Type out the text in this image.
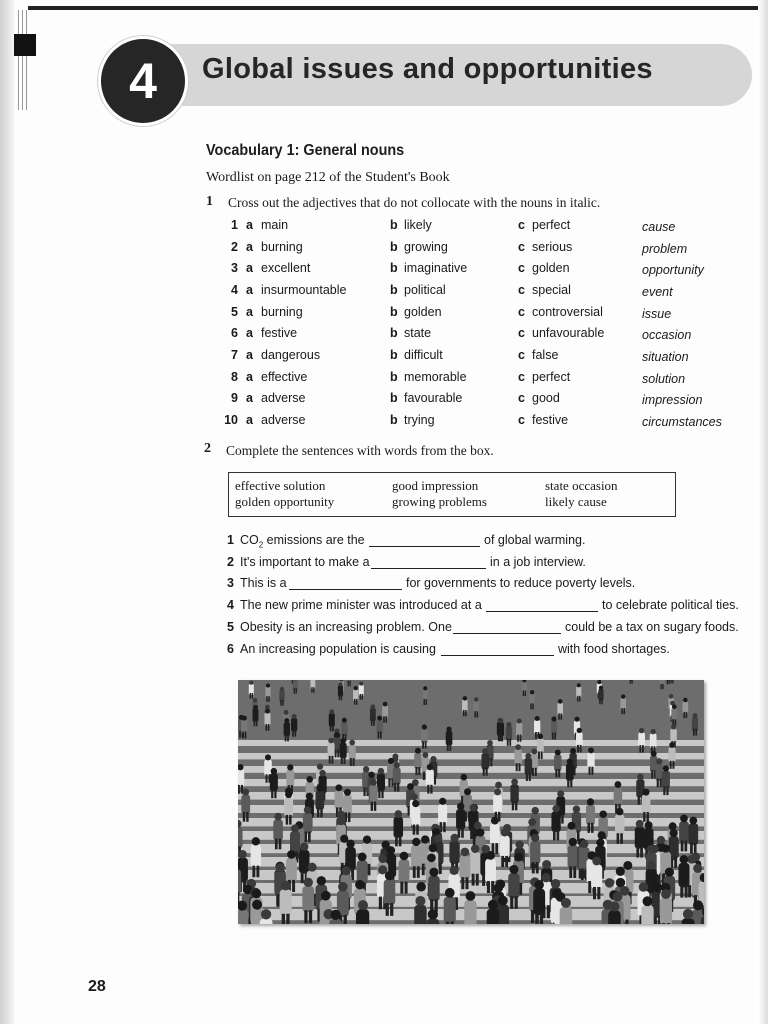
Global issues and opportunities
4
Vocabulary 1: General nouns
Wordlist on page 212 of the Student's Book
1 Cross out the adjectives that do not collocate with the nouns in italic.
1 a main	b likely	c perfect	cause
2 a burning	b growing	c serious	problem
3 a excellent	b imaginative	c golden	opportunity
4 a insurmountable	b political	c special	event
5 a burning	b golden	c controversial	issue
6 a festive	b state	c unfavourable	occasion
7 a dangerous	b difficult	c false	situation
8 a effective	b memorable	c perfect	solution
9 a adverse	b favourable	c good	impression
10 a adverse	b trying	c festive	circumstances
2 Complete the sentences with words from the box.
effective solution	good impression	state occasion
golden opportunity	growing problems	likely cause
1 $CO_2$ emissions are the	of global warming.
2 It's important to make a	in a job interview.
3 This is a	for governments to reduce poverty levels.
4 The new prime minister was introduced at a	to celebrate political ties.
5 Obesity is an increasing problem. One	could be a tax on sugary foods.
6 An increasing population is causing	with food shortages.
28
